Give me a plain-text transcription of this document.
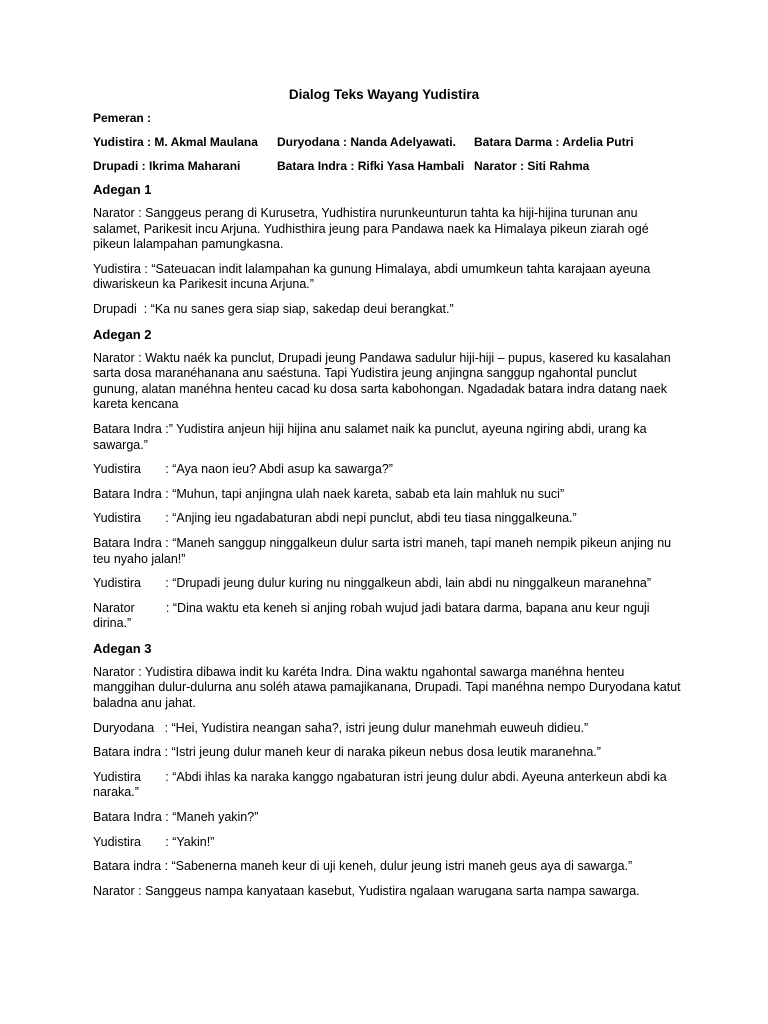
Dialog Teks Wayang Yudistira
Pemeran :
Yudistira : M. Akmal Maulana Duryodana : Nanda Adelyawati. Batara Darma : Ardelia Putri
Drupadi : Ikrima Maharani	Batara Indra : Rifki Yasa Hambali Narator : Siti Rahma
Adegan 1
Narator : Sanggeus perang di Kurusetra, Yudhistira nurunkeunturun tahta ka hiji-hijina turunan anu salamet, Parikesit incu Arjuna. Yudhisthira jeung para Pandawa naek ka Himalaya pikeun ziarah ogé pikeun lalampahan pamungkasna.
Yudistira : “Sateuacan indit lalampahan ka gunung Himalaya, abdi umumkeun tahta karajaan ayeuna diwariskeun ka Parikesit incuna Arjuna.”
Drupadi  : “Ka nu sanes gera siap siap, sakedap deui berangkat.”
Adegan 2
Narator : Waktu naék ka punclut, Drupadi jeung Pandawa sadulur hiji-hiji – pupus, kasered ku kasalahan sarta dosa maranéhanana anu saéstuna. Tapi Yudistira jeung anjingna sanggup ngahontal punclut gunung, alatan manéhna henteu cacad ku dosa sarta kabohongan. Ngadadak batara indra datang naek  kareta kencana
Batara Indra :” Yudistira anjeun hiji hijina anu salamet naik ka punclut, ayeuna ngiring abdi, urang ka sawarga.”
Yudistira       : “Aya naon ieu? Abdi asup ka sawarga?”
Batara Indra : “Muhun, tapi anjingna ulah naek kareta, sabab eta lain mahluk nu suci”
Yudistira       : “Anjing ieu ngadabaturan abdi nepi punclut, abdi teu tiasa ninggalkeuna.”
Batara Indra : “Maneh sanggup ninggalkeun dulur sarta istri maneh, tapi maneh nempik pikeun anjing nu teu nyaho jalan!”
Yudistira       : “Drupadi jeung dulur kuring nu ninggalkeun abdi, lain abdi nu ninggalkeun maranehna”
Narator         : “Dina waktu eta keneh si anjing robah wujud jadi batara darma, bapana anu keur nguji dirina.”
Adegan 3
Narator : Yudistira dibawa indit ku karéta Indra. Dina waktu ngahontal sawarga manéhna henteu manggihan dulur-dulurna anu soléh atawa pamajikanana, Drupadi. Tapi manéhna nempo Duryodana katut baladna anu jahat.
Duryodana   : “Hei, Yudistira neangan saha?, istri jeung dulur manehmah euweuh didieu.”
Batara indra : “Istri jeung dulur maneh keur di naraka pikeun nebus dosa leutik maranehna.”
Yudistira       : “Abdi ihlas ka naraka kanggo ngabaturan istri jeung dulur abdi. Ayeuna anterkeun abdi ka naraka.”
Batara Indra : “Maneh yakin?”
Yudistira       : “Yakin!”
Batara indra : “Sabenerna maneh keur di uji keneh, dulur jeung istri maneh geus aya di sawarga.”
Narator : Sanggeus nampa kanyataan kasebut, Yudistira ngalaan warugana sarta nampa sawarga.
